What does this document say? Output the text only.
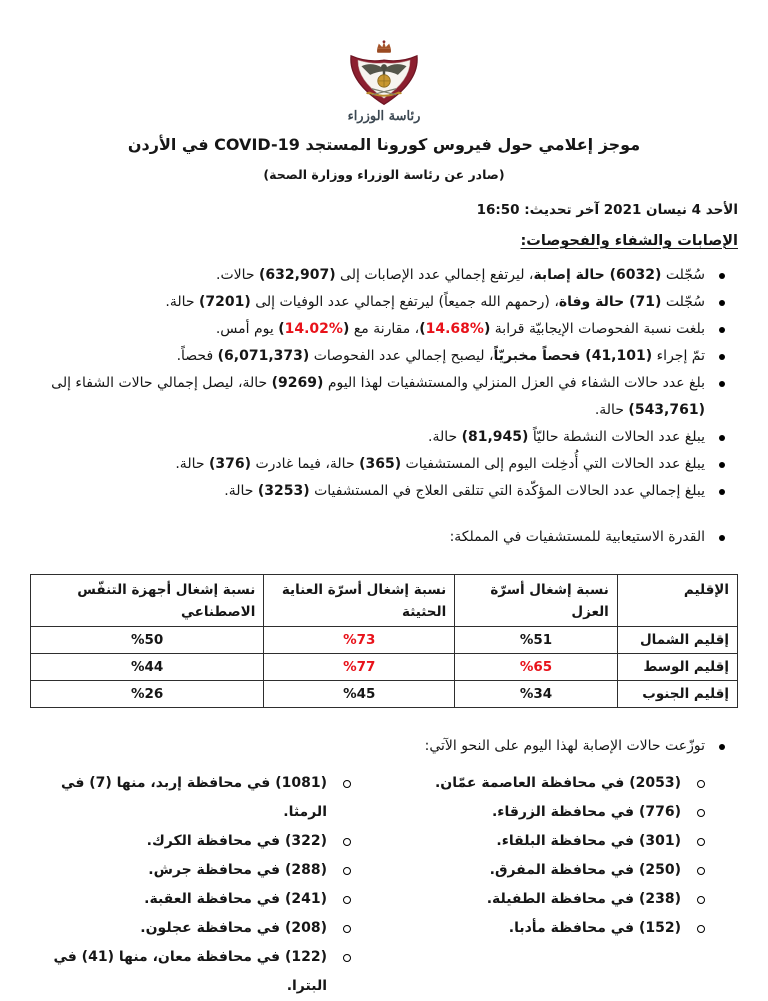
رئاسة الوزراء
موجز إعلامي حول فيروس كورونا المستجد COVID-19 في الأردن
(صادر عن رئاسة الوزراء ووزارة الصحة)
الأحد 4 نيسان 2021 آخر تحديث: 16:50
الإصابات والشفاء والفحوصات:
سُجّلت (6032) حالة إصابة، ليرتفع إجمالي عدد الإصابات إلى (632,907) حالات.
سُجّلت (71) حالة وفاة، (رحمهم الله جميعاً) ليرتفع إجمالي عدد الوفيات إلى (7201) حالة.
بلغت نسبة الفحوصات الإيجابيّة قرابة (%14.68)، مقارنة مع (%14.02) يوم أمس.
تمّ إجراء (41,101) فحصاً مخبريّاً، ليصبح إجمالي عدد الفحوصات (6,071,373) فحصاً.
بلغ عدد حالات الشفاء في العزل المنزلي والمستشفيات لهذا اليوم (9269) حالة، ليصل إجمالي حالات الشفاء إلى (543,761) حالة.
يبلغ عدد الحالات النشطة حاليّاً (81,945) حالة.
يبلغ عدد الحالات التي أُدخِلت اليوم إلى المستشفيات (365) حالة، فيما غادرت (376) حالة.
يبلغ إجمالي عدد الحالات المؤكّدة التي تتلقى العلاج في المستشفيات (3253) حالة.
القدرة الاستيعابية للمستشفيات في المملكة:
الإقليم	نسبة إشغال أسرّة العزل	نسبة إشغال أسرّة العناية الحثيثة	نسبة إشغال أجهزة التنفّس الاصطناعي
إقليم الشمال	%51	%73	%50
إقليم الوسط	%65	%77	%44
إقليم الجنوب	%34	%45	%26
توزّعت حالات الإصابة لهذا اليوم على النحو الآتي:
(2053) في محافظة العاصمة عمّان.
(776) في محافظة الزرقاء.
(301) في محافظة البلقاء.
(250) في محافظة المفرق.
(238) في محافظة الطفيلة.
(152) في محافظة مأدبا.
(1081) في محافظة إربد، منها (7) في الرمثا.
(322) في محافظة الكرك.
(288) في محافظة جرش.
(241) في محافظة العقبة.
(208) في محافظة عجلون.
(122) في محافظة معان، منها (41) في البترا.
